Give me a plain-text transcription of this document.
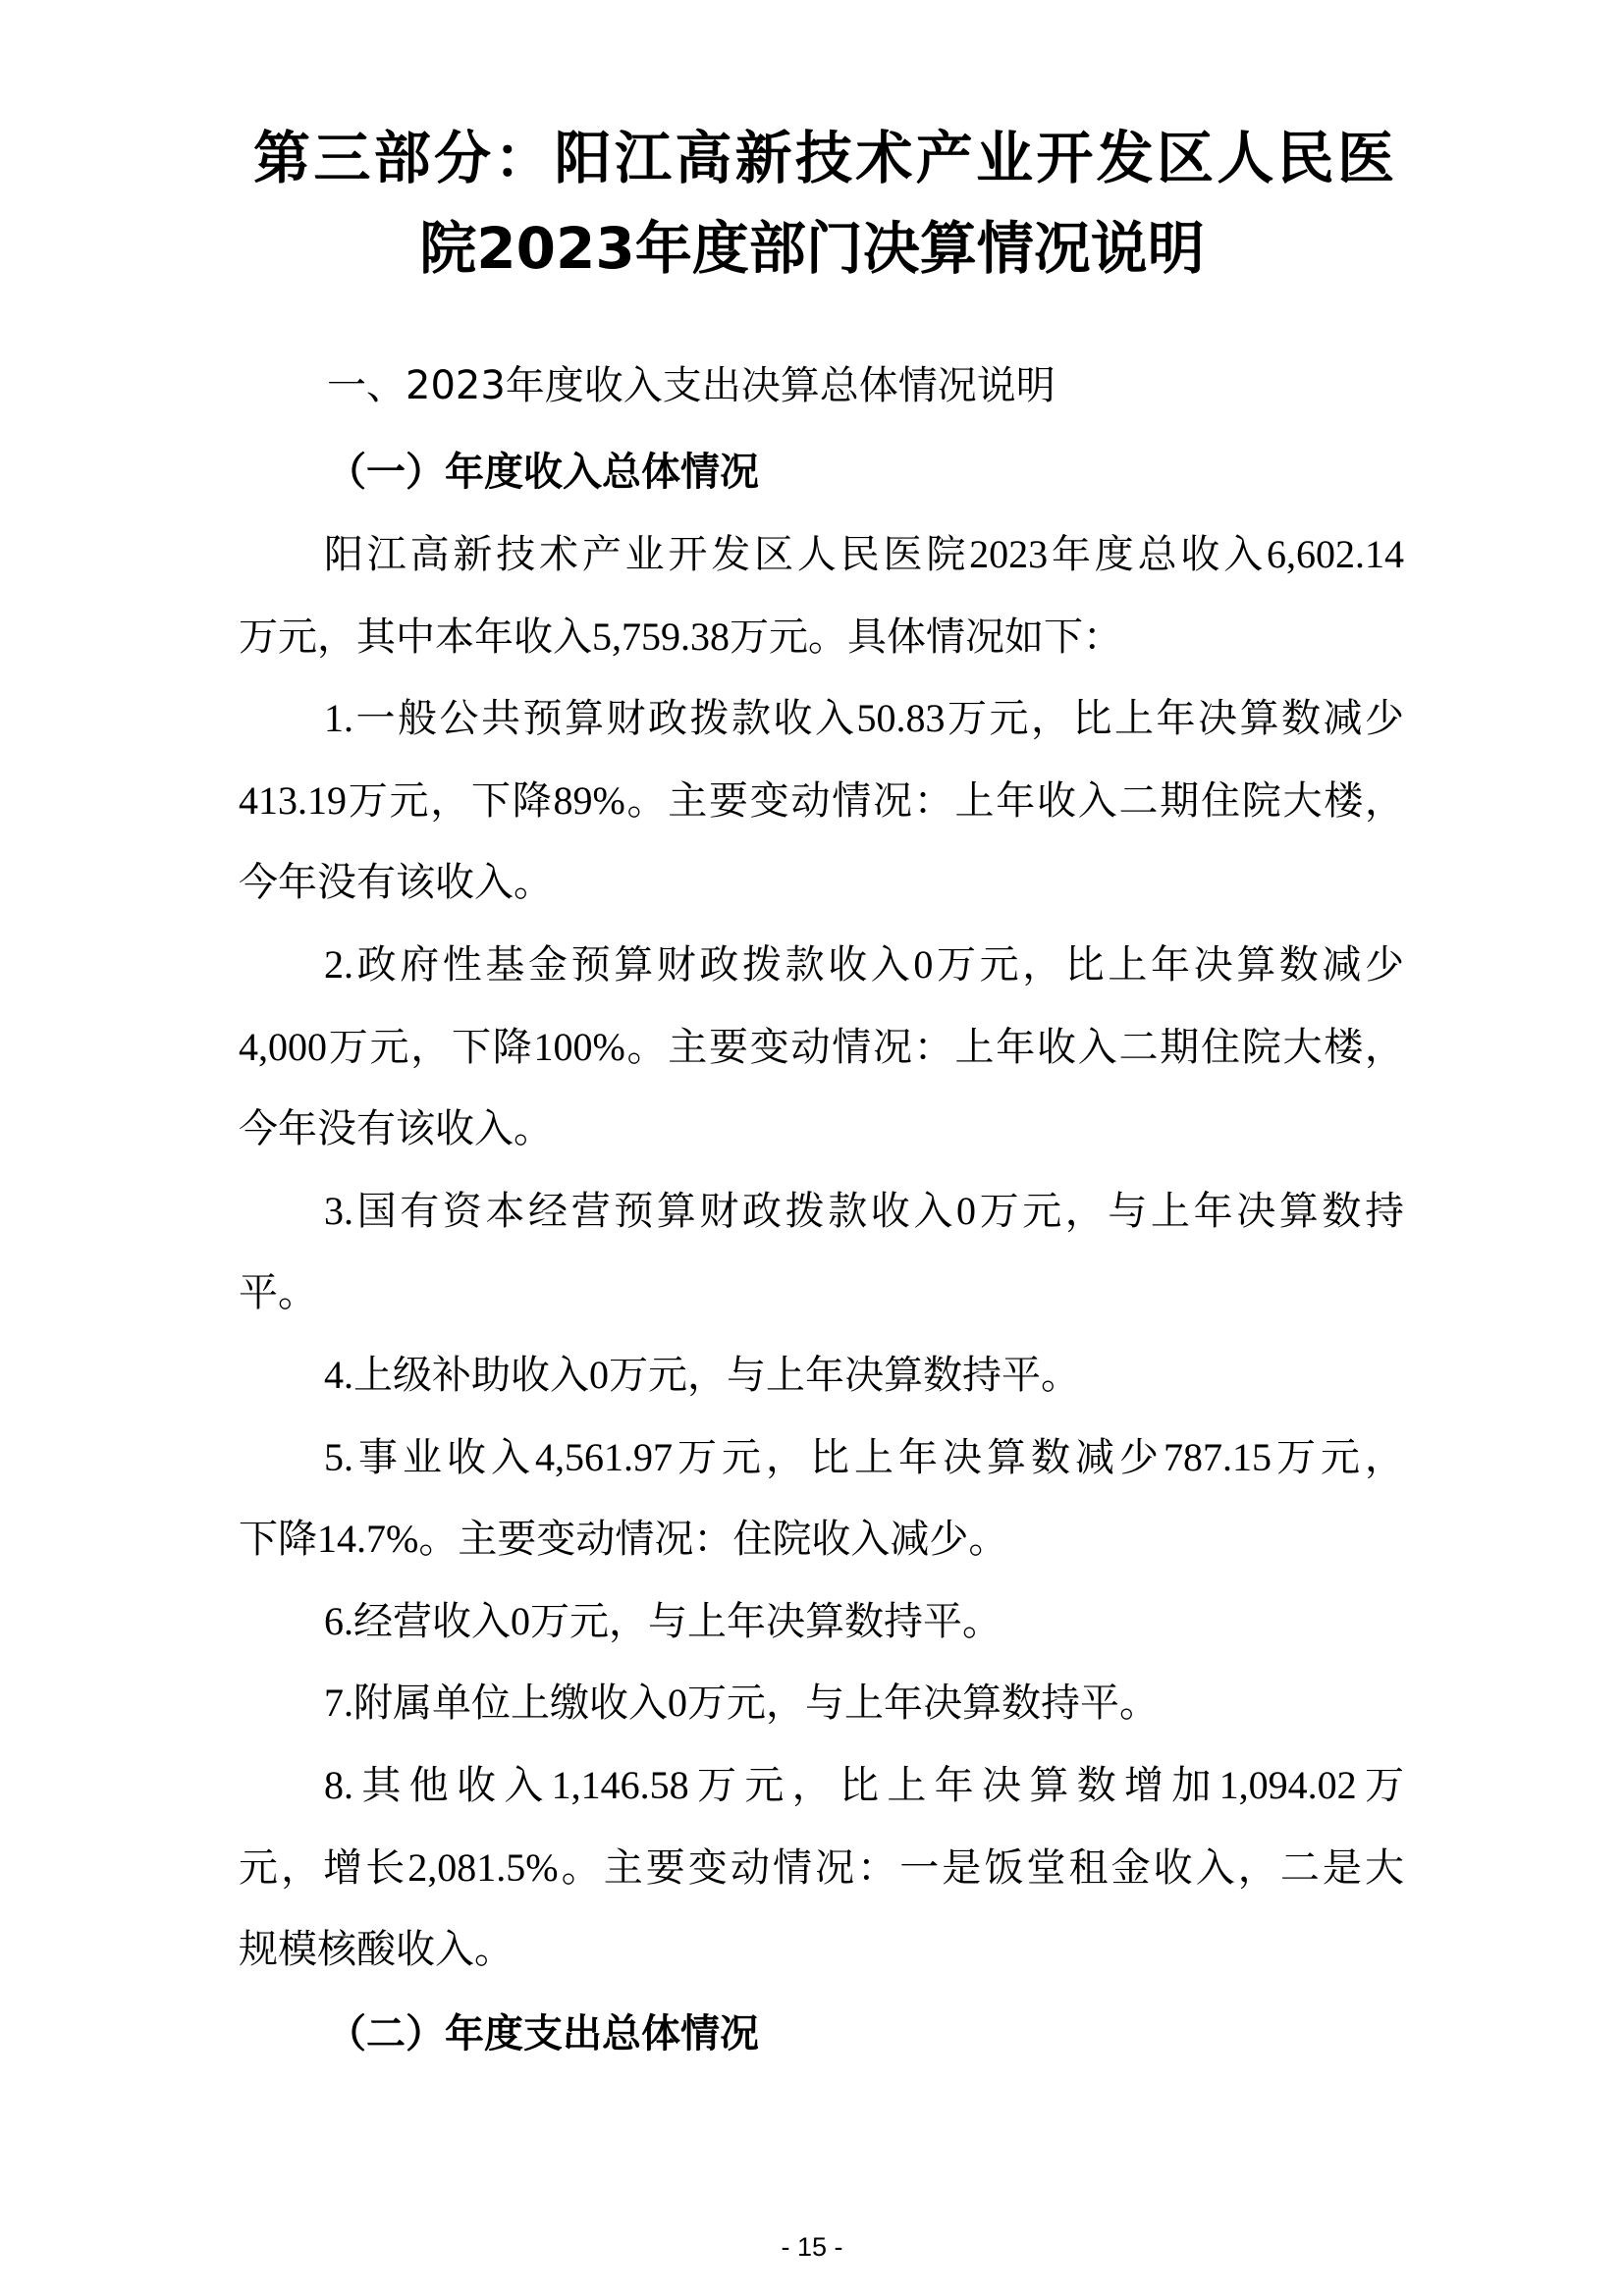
第三部分：阳江高新技术产业开发区人民医
院2023年度部门决算情况说明
一、2023年度收入支出决算总体情况说明
（一）年度收入总体情况
阳江高新技术产业开发区人民医院2023年度总收入6,602.14
万元，其中本年收入5,759.38万元。具体情况如下：
1.一般公共预算财政拨款收入50.83万元，比上年决算数减少
413.19万元，下降89%。主要变动情况：上年收入二期住院大楼，
今年没有该收入。
2.政府性基金预算财政拨款收入0万元，比上年决算数减少
4,000万元，下降100%。主要变动情况：上年收入二期住院大楼，
今年没有该收入。
3.国有资本经营预算财政拨款收入0万元，与上年决算数持
平。
4.上级补助收入0万元，与上年决算数持平。
5.事业收入4,561.97万元，比上年决算数减少787.15万元，
下降14.7%。主要变动情况：住院收入减少。
6.经营收入0万元，与上年决算数持平。
7.附属单位上缴收入0万元，与上年决算数持平。
8.其他收入1,146.58万元，比上年决算数增加1,094.02万
元，增长2,081.5%。主要变动情况：一是饭堂租金收入，二是大
规模核酸收入。
（二）年度支出总体情况
- 15 -
